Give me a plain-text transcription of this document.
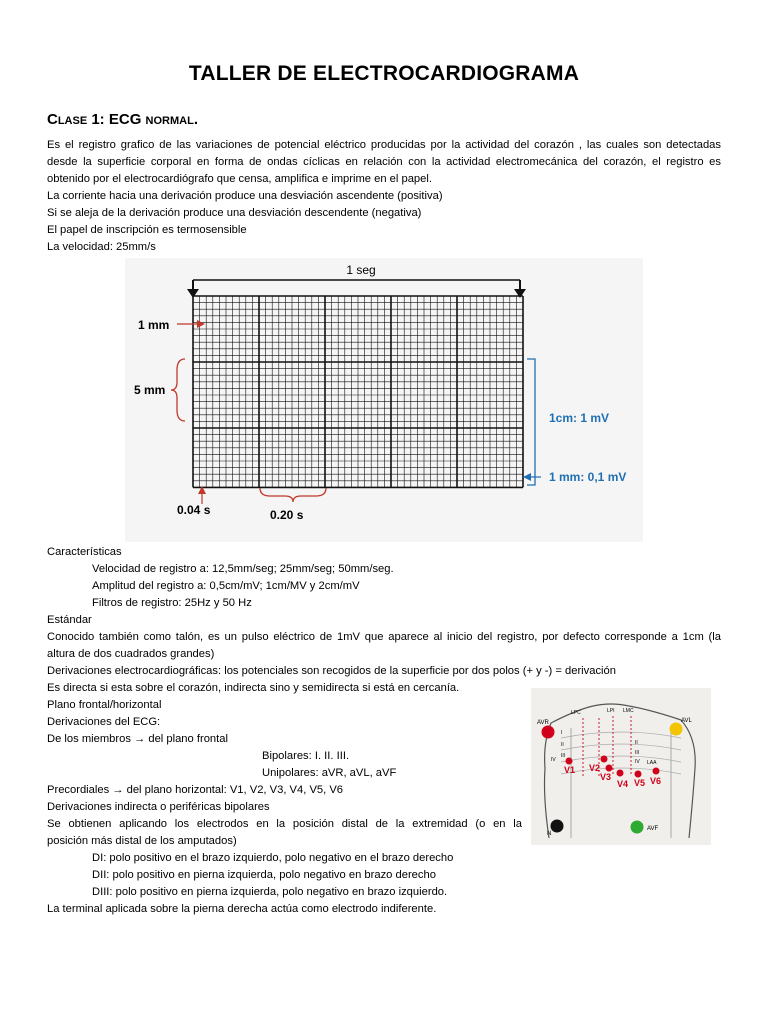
TALLER DE ELECTROCARDIOGRAMA
Clase 1: ECG normal.
Es el registro grafico de las variaciones de potencial eléctrico producidas por la actividad del corazón , las cuales son detectadas
desde la superficie corporal en forma de ondas cíclicas en relación con la actividad electromecánica del corazón, el registro es
obtenido por el electrocardiógrafo que censa, amplifica e imprime en el papel.
La corriente hacia una derivación produce una desviación ascendente (positiva)
Si se aleja de la derivación produce una desviación descendente (negativa)
El papel de inscripción es termosensible
La velocidad: 25mm/s
1 seg
1 mm
5 mm
1cm: 1 mV
1 mm: 0,1 mV
0.04 s	0.20 s
Características
Velocidad de registro a: 12,5mm/seg; 25mm/seg; 50mm/seg.
Amplitud del registro a: 0,5cm/mV; 1cm/MV y 2cm/mV
Filtros de registro: 25Hz y 50 Hz
Estándar
Conocido también como talón, es un pulso eléctrico de 1mV que aparece al inicio del registro, por defecto corresponde a 1cm (la
altura de dos cuadrados grandes)
Derivaciones electrocardiográficas: los potenciales son recogidos de la superficie por dos polos (+ y -) = derivación
Es directa si esta sobre el corazón, indirecta sino y semidirecta si está en cercanía.
Plano frontal/horizontal
Derivaciones del ECG:
De los miembros → del plano frontal
Bipolares: I. II. III.
Unipolares: aVR, aVL, aVF
Precordiales → del plano horizontal: V1, V2, V3, V4, V5, V6
Derivaciones indirecta o periféricas bipolares
Se obtienen aplicando los electrodos en la posición distal de la extremidad (o en la
posición más distal de los amputados)
DI: polo positivo en el brazo izquierdo, polo negativo en el brazo derecho
DII: polo positivo en pierna izquierda, polo negativo en brazo derecho
DIII: polo positivo en pierna izquierda, polo negativo en brazo izquierdo.
La terminal aplicada sobre la pierna derecha actúa como electrodo indiferente.
AVR	AVL
AVF
N
LPC	LPI LMC
LAA
I
II
III
IV
II
III
IV
V1 V2
V3
V4 V5 V6
